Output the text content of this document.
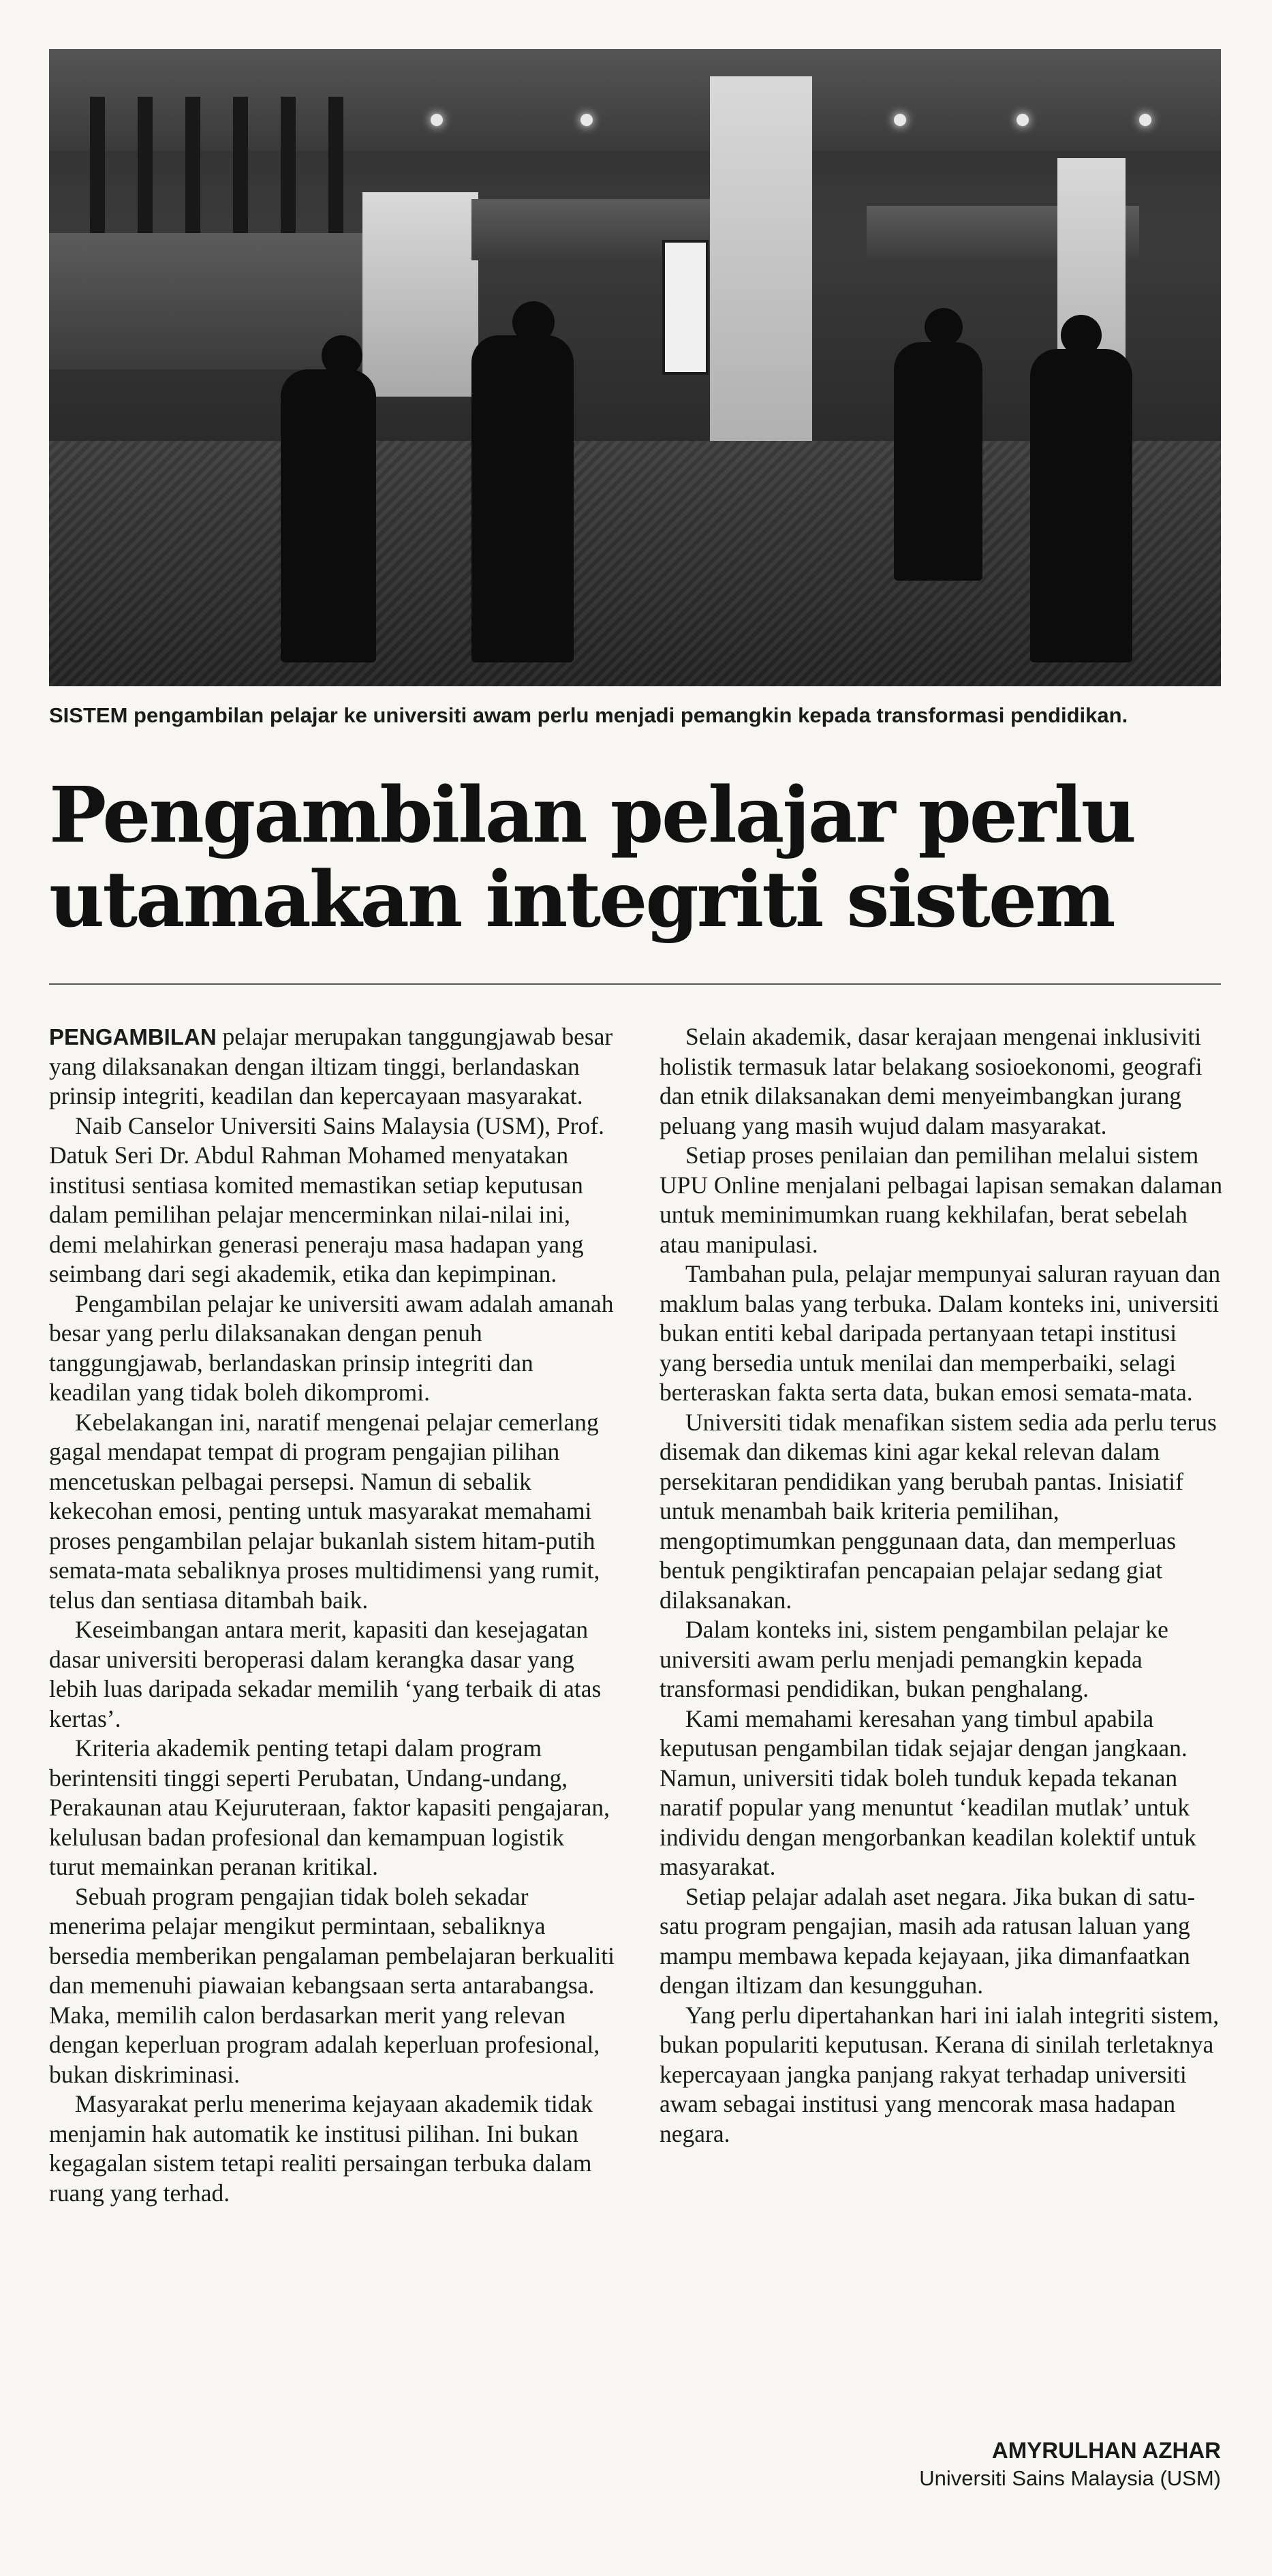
SISTEM pengambilan pelajar ke universiti awam perlu menjadi pemangkin kepada transformasi pendidikan.
Pengambilan pelajar perlu utamakan integriti sistem

PENGAMBILAN pelajar merupakan tanggungjawab besar yang dilaksanakan dengan iltizam tinggi, berlandaskan prinsip integriti, keadilan dan kepercayaan masyarakat.

Naib Canselor Universiti Sains Malaysia (USM), Prof. Datuk Seri Dr. Abdul Rahman Mohamed menyatakan institusi sentiasa komited memastikan setiap keputusan dalam pemilihan pelajar mencerminkan nilai-nilai ini, demi melahirkan generasi peneraju masa hadapan yang seimbang dari segi akademik, etika dan kepimpinan.

Pengambilan pelajar ke universiti awam adalah amanah besar yang perlu dilaksanakan dengan penuh tanggungjawab, berlandaskan prinsip integriti dan keadilan yang tidak boleh dikompromi.

Kebelakangan ini, naratif mengenai pelajar cemerlang gagal mendapat tempat di program pengajian pilihan mencetuskan pelbagai persepsi. Namun di sebalik kekecohan emosi, penting untuk masyarakat memahami proses pengambilan pelajar bukanlah sistem hitam-putih semata-mata sebaliknya proses multidimensi yang rumit, telus dan sentiasa ditambah baik.

Keseimbangan antara merit, kapasiti dan kesejagatan dasar universiti beroperasi dalam kerangka dasar yang lebih luas daripada sekadar memilih ‘yang terbaik di atas kertas’.

Kriteria akademik penting tetapi dalam program berintensiti tinggi seperti Perubatan, Undang-undang, Perakaunan atau Kejuruteraan, faktor kapasiti pengajaran, kelulusan badan profesional dan kemampuan logistik turut memainkan peranan kritikal.

Sebuah program pengajian tidak boleh sekadar menerima pelajar mengikut permintaan, sebaliknya bersedia memberikan pengalaman pembelajaran berkualiti dan memenuhi piawaian kebangsaan serta antarabangsa. Maka, memilih calon berdasarkan merit yang relevan dengan keperluan program adalah keperluan profesional, bukan diskriminasi.

Masyarakat perlu menerima kejayaan akademik tidak menjamin hak automatik ke institusi pilihan. Ini bukan kegagalan sistem tetapi realiti persaingan terbuka dalam ruang yang terhad.

Selain akademik, dasar kerajaan mengenai inklusiviti holistik termasuk latar belakang sosioekonomi, geografi dan etnik dilaksanakan demi menyeimbangkan jurang peluang yang masih wujud dalam masyarakat.

Setiap proses penilaian dan pemilihan melalui sistem UPU Online menjalani pelbagai lapisan semakan dalaman untuk meminimumkan ruang kekhilafan, berat sebelah atau manipulasi.

Tambahan pula, pelajar mempunyai saluran rayuan dan maklum balas yang terbuka. Dalam konteks ini, universiti bukan entiti kebal daripada pertanyaan tetapi institusi yang bersedia untuk menilai dan memperbaiki, selagi berteraskan fakta serta data, bukan emosi semata-mata.

Universiti tidak menafikan sistem sedia ada perlu terus disemak dan dikemas kini agar kekal relevan dalam persekitaran pendidikan yang berubah pantas. Inisiatif untuk menambah baik kriteria pemilihan, mengoptimumkan penggunaan data, dan memperluas bentuk pengiktirafan pencapaian pelajar sedang giat dilaksanakan.

Dalam konteks ini, sistem pengambilan pelajar ke universiti awam perlu menjadi pemangkin kepada transformasi pendidikan, bukan penghalang.

Kami memahami keresahan yang timbul apabila keputusan pengambilan tidak sejajar dengan jangkaan. Namun, universiti tidak boleh tunduk kepada tekanan naratif popular yang menuntut ‘keadilan mutlak’ untuk individu dengan mengorbankan keadilan kolektif untuk masyarakat.

Setiap pelajar adalah aset negara. Jika bukan di satu-satu program pengajian, masih ada ratusan laluan yang mampu membawa kepada kejayaan, jika dimanfaatkan dengan iltizam dan kesungguhan.

Yang perlu dipertahankan hari ini ialah integriti sistem, bukan populariti keputusan. Kerana di sinilah terletaknya kepercayaan jangka panjang rakyat terhadap universiti awam sebagai institusi yang mencorak masa hadapan negara.

AMYRULHAN AZHAR
Universiti Sains Malaysia (USM)
